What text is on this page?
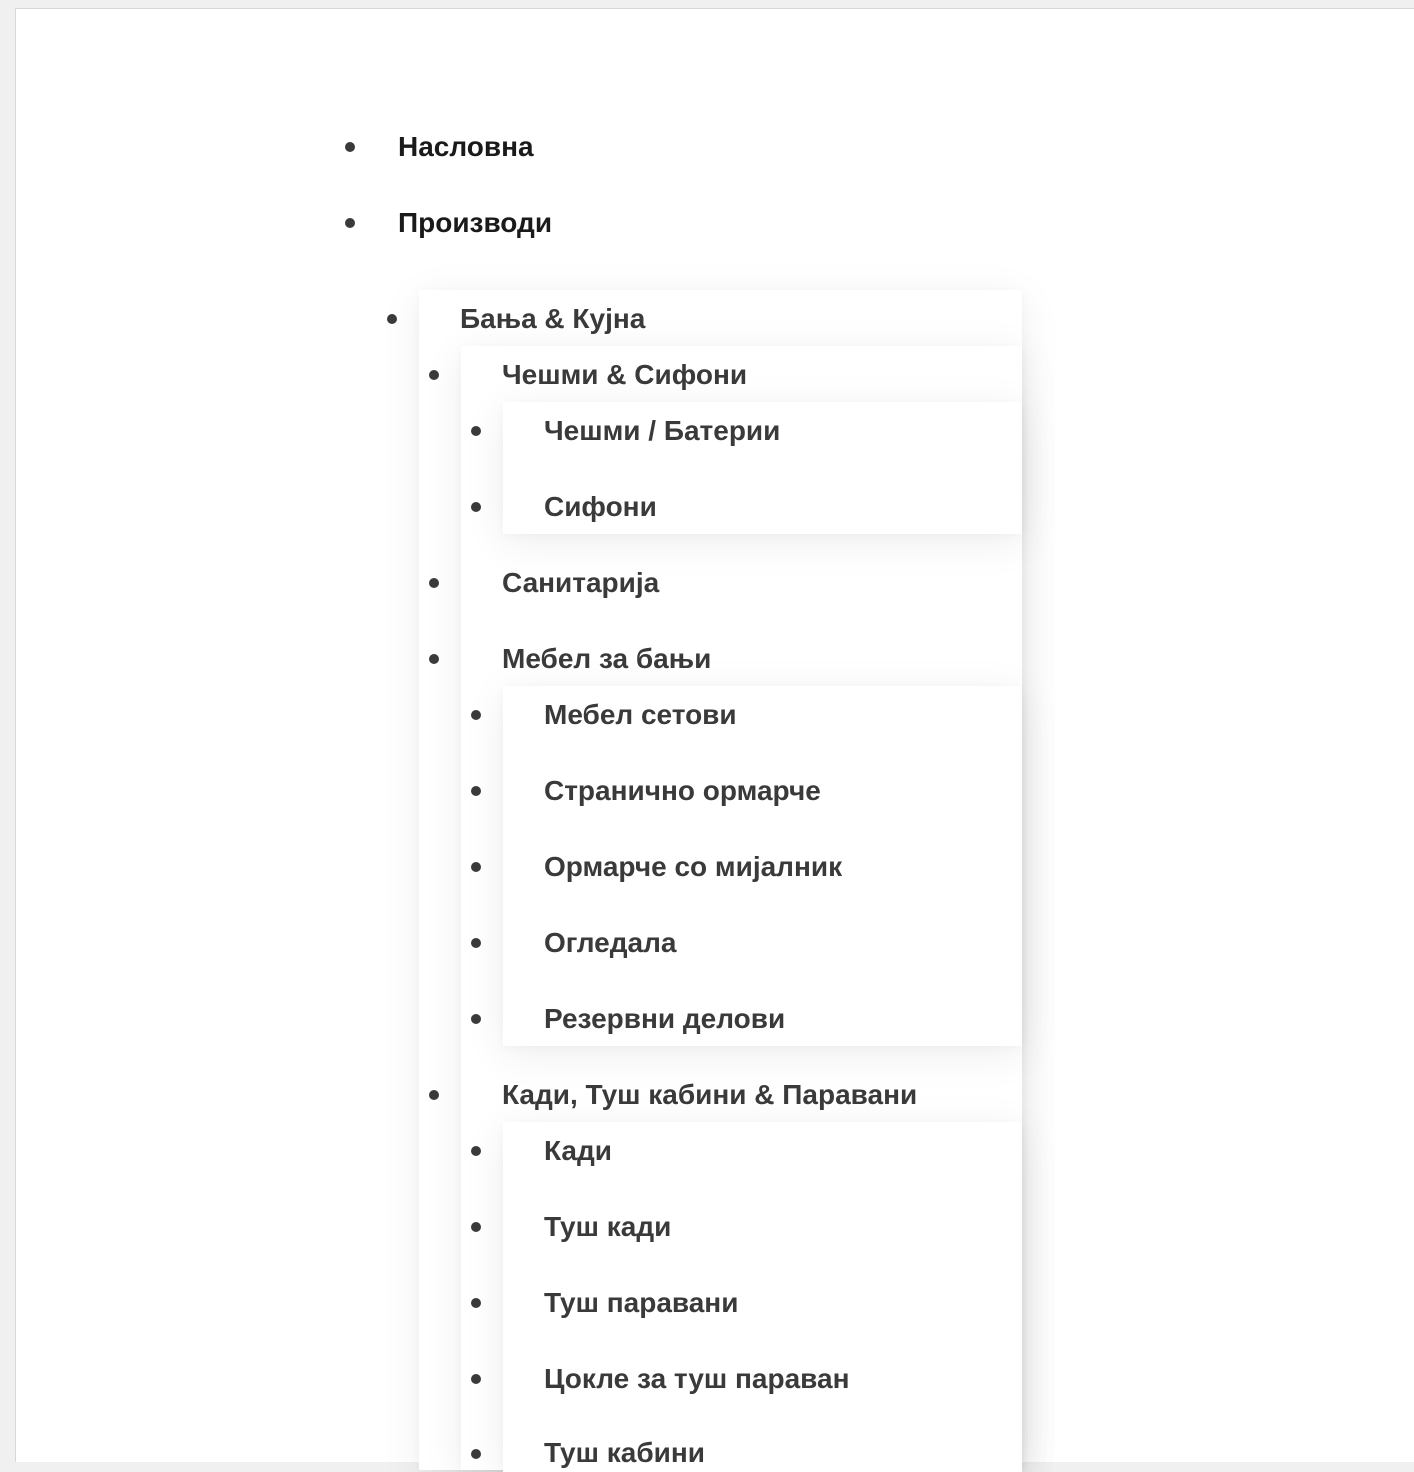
Насловна
Производи
Бања & Кујна
Чешми & Сифони
Чешми / Батерии
Сифони
Санитарија
Мебел за бањи
Мебел сетови
Странично ормарче
Ормарче со мијалник
Огледала
Резервни делови
Кади, Туш кабини & Паравани
Кади
Туш кади
Туш паравани
Цокле за туш параван
Туш кабини
